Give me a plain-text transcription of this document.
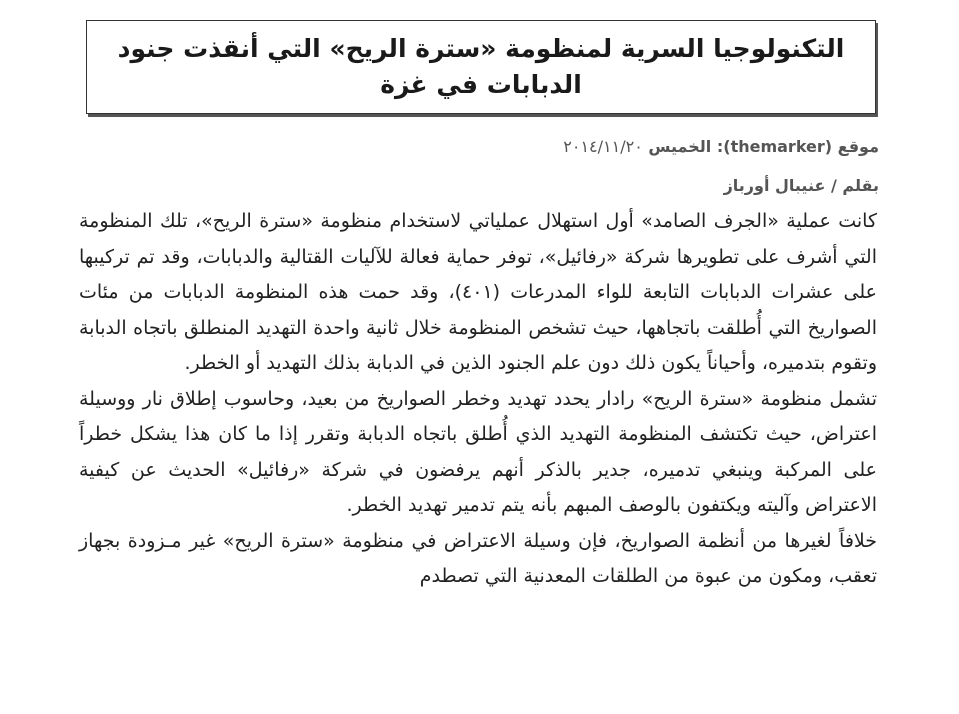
التكنولوجيا السرية لمنظومة «سترة الريح» التي أنقذت جنود الدبابات في غزة
موقع (themarker): الخميس ٢٠١٤/١١/٢٠
بقلم / عنيبال أورباز

كانت عملية «الجرف الصامد» أول استهلال عملياتي لاستخدام منظومة «سترة الريح»، تلك المنظومة التي أشرف على تطويرها شركة «رفائيل»، توفر حماية فعالة للآليات القتالية والدبابات، وقد تم تركيبها على عشرات الدبابات التابعة للواء المدرعات (٤٠١)، وقد حمت هذه المنظومة الدبابات من مئات الصواريخ التي أُطلقت باتجاهها، حيث تشخص المنظومة خلال ثانية واحدة التهديد المنطلق باتجاه الدبابة وتقوم بتدميره، وأحياناً يكون ذلك دون علم الجنود الذين في الدبابة بذلك التهديد أو الخطر.

تشمل منظومة «سترة الريح» رادار يحدد تهديد وخطر الصواريخ من بعيد، وحاسوب إطلاق نار ووسيلة اعتراض، حيث تكتشف المنظومة التهديد الذي أُطلق باتجاه الدبابة وتقرر إذا ما كان هذا يشكل خطراً على المركبة وينبغي تدميره، جدير بالذكر أنهم يرفضون في شركة «رفائيل» الحديث عن كيفية الاعتراض وآليته ويكتفون بالوصف المبهم بأنه يتم تدمير تهديد الخطر.

خلافاً لغيرها من أنظمة الصواريخ، فإن وسيلة الاعتراض في منظومة «سترة الريح» غير مـزودة بجهاز تعقب، ومكون من عبوة من الطلقات المعدنية التي تصطدم
